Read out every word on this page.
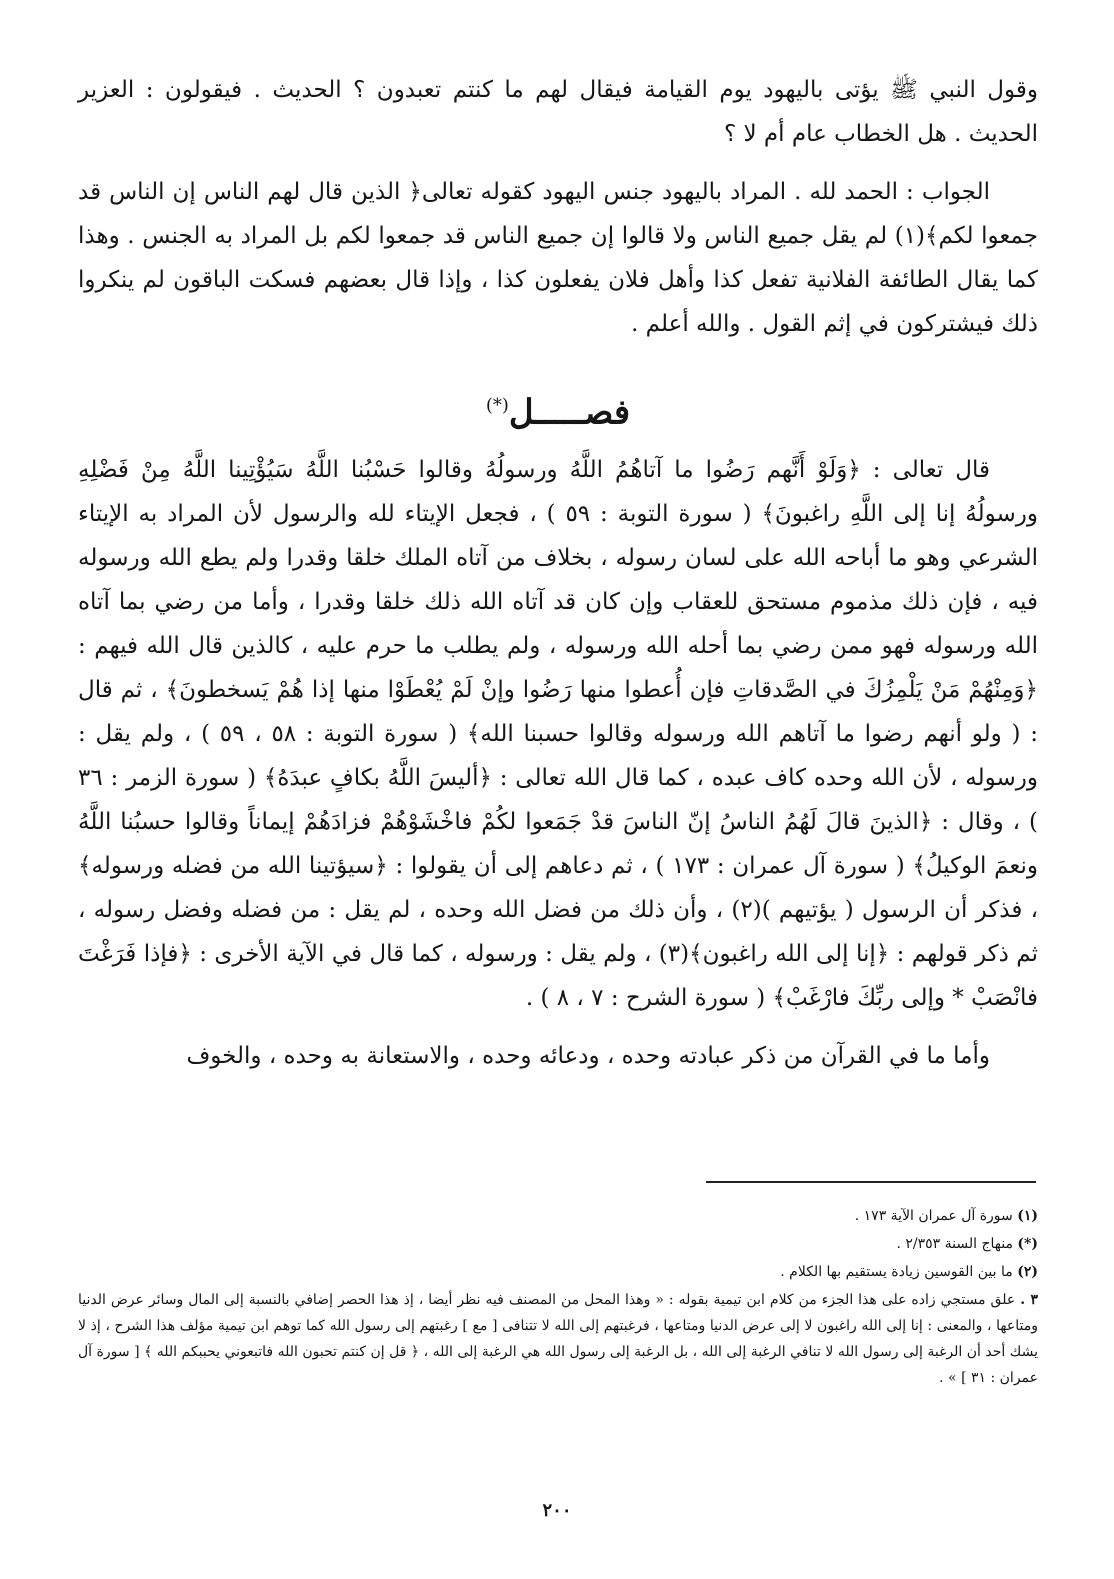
وقول النبي ﷺ يؤتى باليهود يوم القيامة فيقال لهم ما كنتم تعبدون ؟ الحديث . فيقولون : العزير الحديث . هل الخطاب عام أم لا ؟

الجواب : الحمد لله . المراد باليهود جنس اليهود كقوله تعالى﴿ الذين قال لهم الناس إن الناس قد جمعوا لكم﴾(١) لم يقل جميع الناس ولا قالوا إن جميع الناس قد جمعوا لكم بل المراد به الجنس . وهذا كما يقال الطائفة الفلانية تفعل كذا وأهل فلان يفعلون كذا ، وإذا قال بعضهم فسكت الباقون لم ينكروا ذلك فيشتركون في إثم القول . والله أعلم .

فصـــــل(*)

قال تعالى : ﴿وَلَوْ أَنَّهم رَضُوا ما آتاهُمُ اللَّهُ ورسولُهُ وقالوا حَسْبُنا اللَّهُ سَيُؤْتِينا اللَّهُ مِنْ فَضْلِهِ ورسولُهُ إنا إلى اللَّهِ راغبونَ﴾ ( سورة التوبة : ٥٩ ) ، فجعل الإيتاء لله والرسول لأن المراد به الإيتاء الشرعي وهو ما أباحه الله على لسان رسوله ، بخلاف من آتاه الملك خلقا وقدرا ولم يطع الله ورسوله فيه ، فإن ذلك مذموم مستحق للعقاب وإن كان قد آتاه الله ذلك خلقا وقدرا ، وأما من رضي بما آتاه الله ورسوله فهو ممن رضي بما أحله الله ورسوله ، ولم يطلب ما حرم عليه ، كالذين قال الله فيهم : ﴿وَمِنْهُمْ مَنْ يَلْمِزُكَ في الصَّدقاتِ فإن أُعطوا منها رَضُوا وإنْ لَمْ يُعْطَوْا منها إذا هُمْ يَسخطونَ﴾ ، ثم قال : ( ولو أنهم رضوا ما آتاهم الله ورسوله وقالوا حسبنا الله﴾ ( سورة التوبة : ٥٨ ، ٥٩ ) ، ولم يقل : ورسوله ، لأن الله وحده كاف عبده ، كما قال الله تعالى : ﴿أليسَ اللَّهُ بكافٍ عبدَهُ﴾ ( سورة الزمر : ٣٦ ) ، وقال : ﴿الذينَ قالَ لَهُمُ الناسُ إنّ الناسَ قدْ جَمَعوا لكُمْ فاخْشَوْهُمْ فزادَهُمْ إيماناً وقالوا حسبُنا اللَّهُ ونعمَ الوكيلُ﴾ ( سورة آل عمران : ١٧٣ ) ، ثم دعاهم إلى أن يقولوا : ﴿سيؤتينا الله من فضله ورسوله﴾ ، فذكر أن الرسول ( يؤتيهم )(٢) ، وأن ذلك من فضل الله وحده ، لم يقل : من فضله وفضل رسوله ، ثم ذكر قولهم : ﴿إنا إلى الله راغبون﴾(٣) ، ولم يقل : ورسوله ، كما قال في الآية الأخرى : ﴿فإذا فَرَغْتَ فانْصَبْ * وإلى ربِّكَ فارْغَبْ﴾ ( سورة الشرح : ٧ ، ٨ ) .

وأما ما في القرآن من ذكر عبادته وحده ، ودعائه وحده ، والاستعانة به وحده ، والخوف

(١) سورة آل عمران الآية ١٧٣ .

(*) منهاج السنة ٢/٣٥٣ .

(٢) ما بين القوسين زيادة يستقيم بها الكلام .

٣ . علق مستجي زاده على هذا الجزء من كلام ابن تيمية بقوله : « وهذا المحل من المصنف فيه نظر أيضا ، إذ هذا الحصر إضافي بالنسبة إلى المال وسائر عرض الدنيا ومتاعها ، والمعنى : إنا إلى الله راغبون لا إلى عرض الدنيا ومتاعها ، فرغبتهم إلى الله لا تتنافى [ مع ] رغبتهم إلى رسول الله كما توهم ابن تيمية مؤلف هذا الشرح ، إذ لا يشك أحد أن الرغبة إلى رسول الله لا تنافي الرغبة إلى الله ، بل الرغبة إلى رسول الله هي الرغبة إلى الله ، ﴿ قل إن كنتم تحبون الله فاتبعوني يحببكم الله ﴾ [ سورة آل عمران : ٣١ ] » .

٢٠٠
